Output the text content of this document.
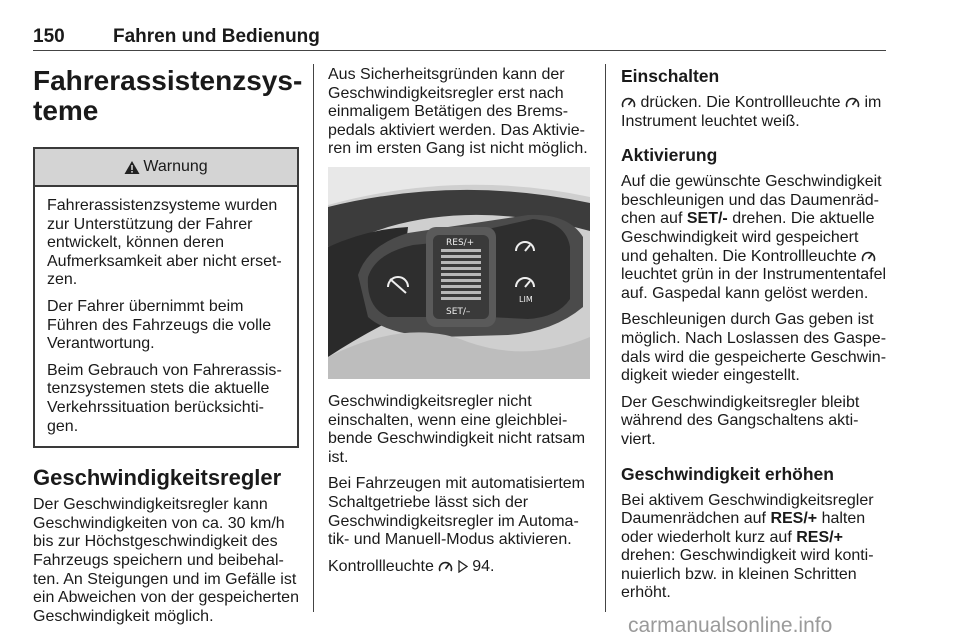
150	Fahren und Bedienung
Fahrerassistenzsysteme
Warnung

Fahrerassistenzsysteme wurden zur Unterstützung der Fahrer entwickelt, können deren Aufmerksamkeit aber nicht ersetzen.

Der Fahrer übernimmt beim Führen des Fahrzeugs die volle Verantwortung.

Beim Gebrauch von Fahrerassistenzsystemen stets die aktuelle Verkehrssituation berücksichtigen.

Geschwindigkeitsregler

Der Geschwindigkeitsregler kann Geschwindigkeiten von ca. 30 km/h bis zur Höchstgeschwindigkeit des Fahrzeugs speichern und beibehalten. An Steigungen und im Gefälle ist ein Abweichen von der gespeicherten Geschwindigkeit möglich.

Aus Sicherheitsgründen kann der Geschwindigkeitsregler erst nach einmaligem Betätigen des Bremspedals aktiviert werden. Das Aktivieren im ersten Gang ist nicht möglich.

RES/+
SET/–
LIM

Geschwindigkeitsregler nicht einschalten, wenn eine gleichbleibende Geschwindigkeit nicht ratsam ist.

Bei Fahrzeugen mit automatisiertem Schaltgetriebe lässt sich der Geschwindigkeitsregler im Automatik- und Manuell-Modus aktivieren.

Kontrollleuchte 94.

Einschalten

drücken. Die Kontrollleuchte im Instrument leuchtet weiß.

Aktivierung

Auf die gewünschte Geschwindigkeit beschleunigen und das Daumenrädchen auf SET/- drehen. Die aktuelle Geschwindigkeit wird gespeichert und gehalten. Die Kontrollleuchte  leuchtet grün in der Instrumententafel auf. Gaspedal kann gelöst werden.

Beschleunigen durch Gas geben ist möglich. Nach Loslassen des Gaspedals wird die gespeicherte Geschwindigkeit wieder eingestellt.

Der Geschwindigkeitsregler bleibt während des Gangschaltens aktiviert.

Geschwindigkeit erhöhen

Bei aktivem Geschwindigkeitsregler Daumenrädchen auf RES/+ halten oder wiederholt kurz auf RES/+ drehen: Geschwindigkeit wird kontinuierlich bzw. in kleinen Schritten erhöht.

carmanualsonline.info
